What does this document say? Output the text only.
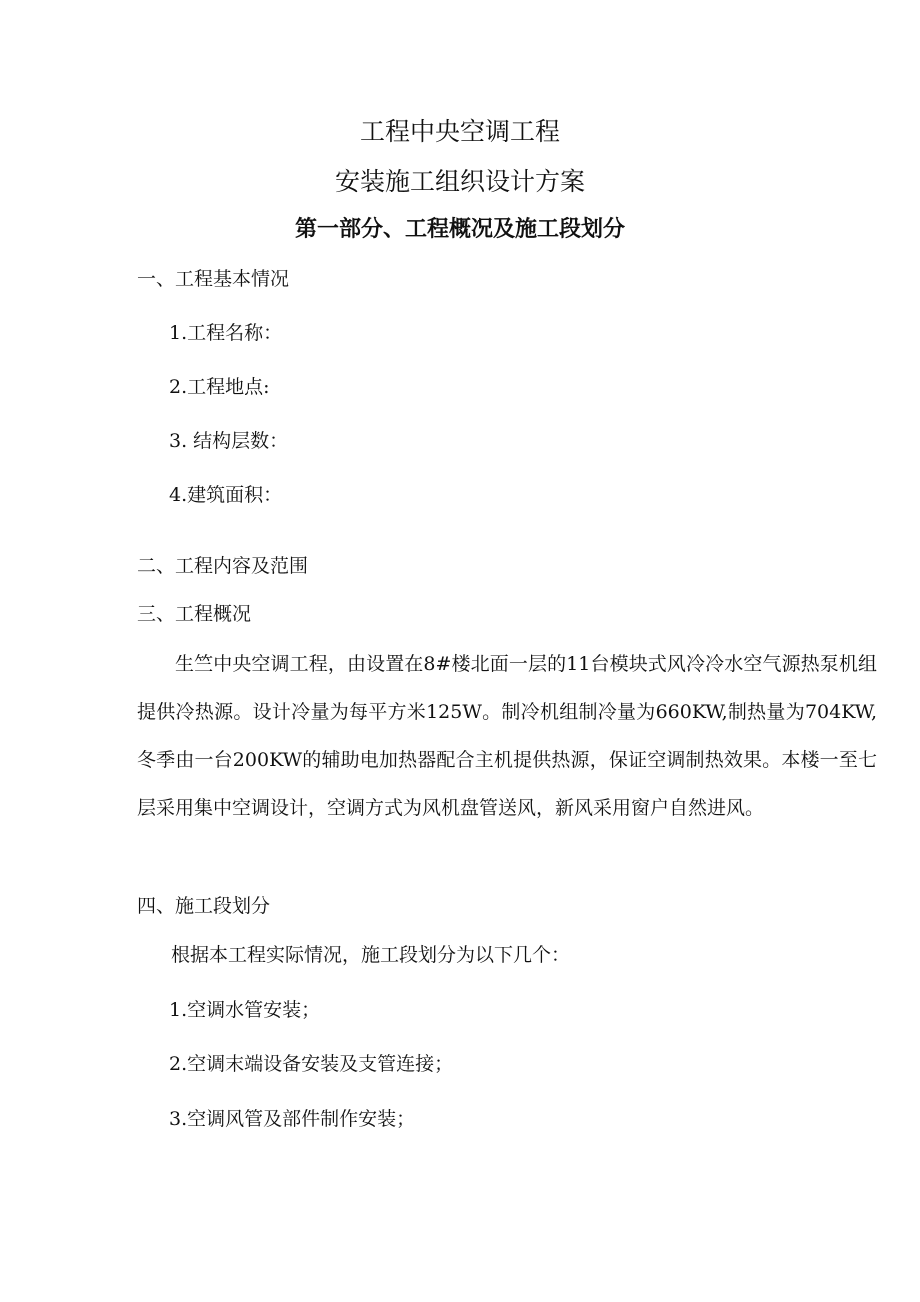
工程中央空调工程
安装施工组织设计方案
第一部分、工程概况及施工段划分
一、工程基本情况
1.工程名称：
2.工程地点:
3. 结构层数：
4.建筑面积：
二、工程内容及范围
三、工程概况

生竺中央空调工程，由设置在8#楼北面一层的11台模块式风冷冷水空气源热泵机组提供冷热源。设计冷量为每平方米125W。制冷机组制冷量为660KW,制热量为704KW,冬季由一台200KW的辅助电加热器配合主机提供热源，保证空调制热效果。本楼一至七层采用集中空调设计，空调方式为风机盘管送风，新风采用窗户自然进风。

四、施工段划分
根据本工程实际情况，施工段划分为以下几个：
1.空调水管安装；
2.空调末端设备安装及支管连接；
3.空调风管及部件制作安装；
